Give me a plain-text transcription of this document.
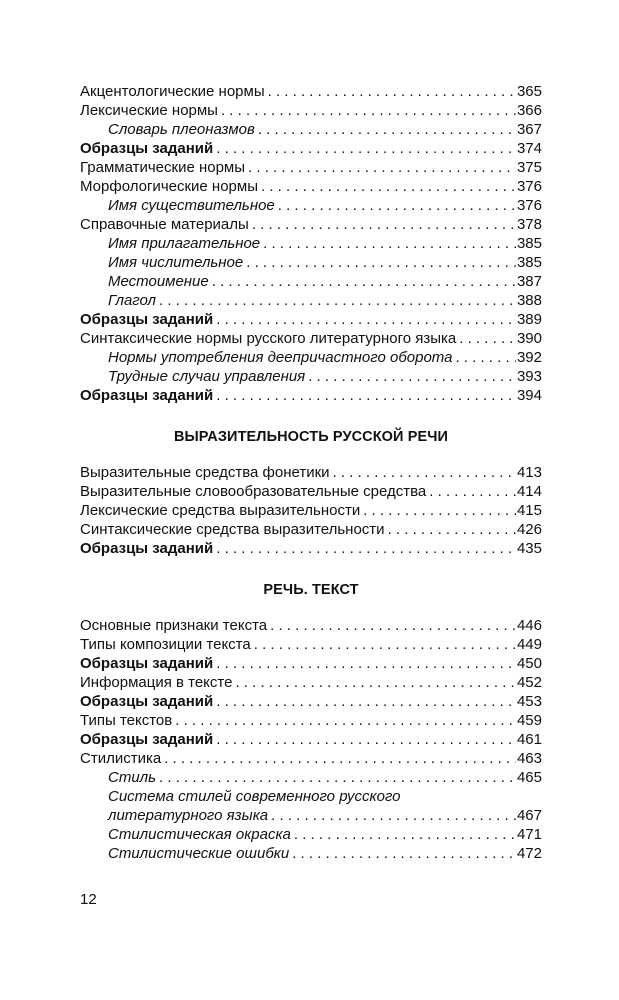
Акцентологические нормы . . .	365
Лексические нормы . . .	366
Словарь плеоназмов . . .	367
Образцы заданий . . .	374
Грамматические нормы . . .	375
Морфологические нормы . . .	376
Имя существительное . . .	376
Справочные материалы . . .	378
Имя прилагательное . . .	385
Имя числительное . . .	385
Местоимение . . .	387
Глагол . . .	388
Образцы заданий . . .	389
Синтаксические нормы русского литературного языка . . .	390
Нормы употребления деепричастного оборота . . .	392
Трудные случаи управления . . .	393
Образцы заданий . . .	394
ВЫРАЗИТЕЛЬНОСТЬ РУССКОЙ РЕЧИ
Выразительные средства фонетики . . .	413
Выразительные словообразовательные средства . . .	414
Лексические средства выразительности . . .	415
Синтаксические средства выразительности . . .	426
Образцы заданий . . .	435
РЕЧЬ. ТЕКСТ
Основные признаки текста . . .	446
Типы композиции текста . . .	449
Образцы заданий . . .	450
Информация в тексте . . .	452
Образцы заданий . . .	453
Типы текстов . . .	459
Образцы заданий . . .	461
Стилистика . . .	463
Стиль . . .	465
Система стилей современного русского
литературного языка . . .	467
Стилистическая окраска . . .	471
Стилистические ошибки . . .	472
12
